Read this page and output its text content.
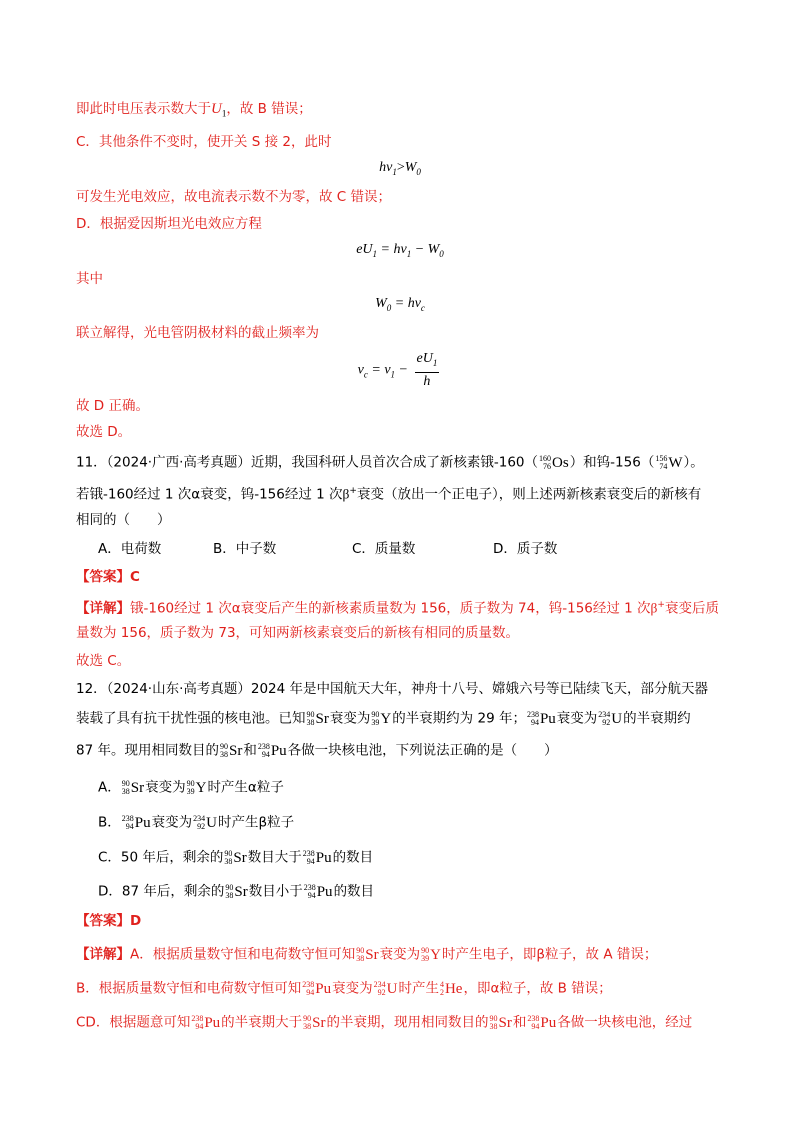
即此时电压表示数大于$U_1$，故 B 错误；
C．其他条件不变时，使开关 S 接 2，此时
$h\nu_1>W_0$
可发生光电效应，故电流表示数不为零，故 C 错误；
D．根据爱因斯坦光电效应方程
$eU_1 = h\nu_1 - W_0$
其中
$W_0 = h\nu_c$
联立解得，光电管阴极材料的截止频率为
$\nu_c = \nu_1 - \frac{eU_1}{h}$
故 D 正确。
故选 D。
11．（2024·广西·高考真题）近期，我国科研人员首次合成了新核素锇-160（ 160
76 Os）和钨-156（ 156
74 W）。
若锇-160经过 1 次α衰变，钨-156经过 1 次β+衰变（放出一个正电子），则上述两新核素衰变后的新核有
相同的（　　）
A．电荷数	B．中子数	C．质量数	D．质子数
【答案】C
【详解】锇-160经过 1 次α衰变后产生的新核素质量数为 156，质子数为 74，钨-156经过 1 次β+衰变后质
量数为 156，质子数为 73，可知两新核素衰变后的新核有相同的质量数。
故选 C。
12．（2024·山东·高考真题）2024 年是中国航天大年，神舟十八号、嫦娥六号等已陆续飞天，部分航天器
装载了具有抗干扰性强的核电池。已知 90
38 Sr衰变为 90
39 Y的半衰期约为 29 年； 238
94 Pu衰变为 234
92 U的半衰期约
87 年。现用相同数目的 90
38 Sr和 238
94 Pu各做一块核电池，下列说法正确的是（　　）
A． 90
38 Sr衰变为 90
39 Y时产生α粒子
B． 238
94 Pu衰变为 234
92 U时产生β粒子
C．50 年后，剩余的 90
38 Sr数目大于 238
94 Pu的数目
D．87 年后，剩余的 90
38 Sr数目小于 238
94 Pu的数目
【答案】D
【详解】A．根据质量数守恒和电荷数守恒可知 90
38 Sr衰变为 90
39 Y时产生电子，即β粒子，故 A 错误；
B．根据质量数守恒和电荷数守恒可知 238
94 Pu衰变为 234
92 U时产生 4
2 He，即α粒子，故 B 错误；
CD．根据题意可知 238
94 Pu的半衰期大于 90
38 Sr的半衰期，现用相同数目的 90
38 Sr和 238
94 Pu各做一块核电池，经过
